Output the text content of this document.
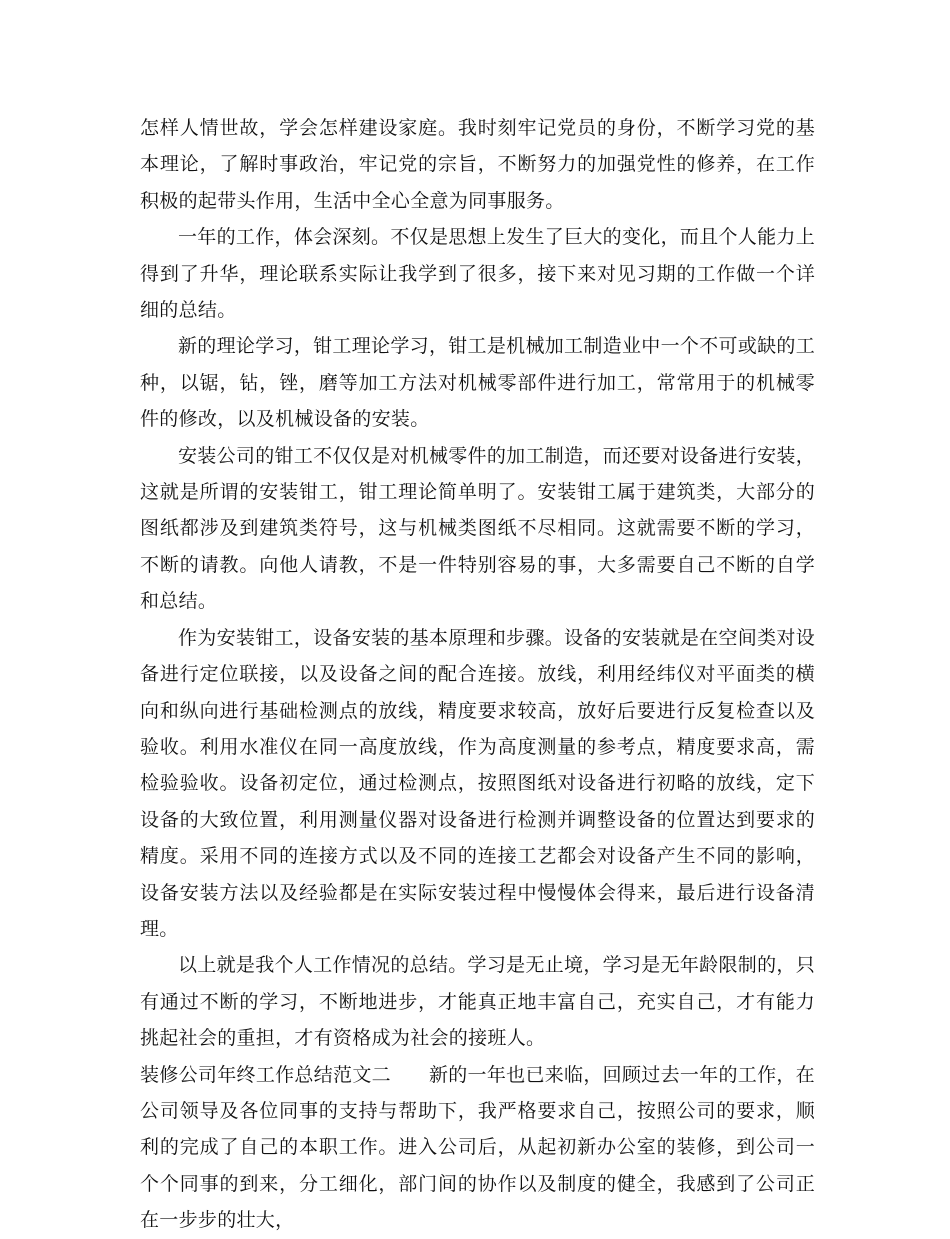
怎样人情世故，学会怎样建设家庭。我时刻牢记党员的身份，不断学习党的基本理论，了解时事政治，牢记党的宗旨，不断努力的加强党性的修养，在工作积极的起带头作用，生活中全心全意为同事服务。

一年的工作，体会深刻。不仅是思想上发生了巨大的变化，而且个人能力上得到了升华，理论联系实际让我学到了很多，接下来对见习期的工作做一个详细的总结。

新的理论学习，钳工理论学习，钳工是机械加工制造业中一个不可或缺的工种，以锯，钻，锉，磨等加工方法对机械零部件进行加工，常常用于的机械零件的修改，以及机械设备的安装。

安装公司的钳工不仅仅是对机械零件的加工制造，而还要对设备进行安装，这就是所谓的安装钳工，钳工理论简单明了。安装钳工属于建筑类，大部分的图纸都涉及到建筑类符号，这与机械类图纸不尽相同。这就需要不断的学习，不断的请教。向他人请教，不是一件特别容易的事，大多需要自己不断的自学和总结。

作为安装钳工，设备安装的基本原理和步骤。设备的安装就是在空间类对设备进行定位联接，以及设备之间的配合连接。放线，利用经纬仪对平面类的横向和纵向进行基础检测点的放线，精度要求较高，放好后要进行反复检查以及验收。利用水准仪在同一高度放线，作为高度测量的参考点，精度要求高，需检验验收。设备初定位，通过检测点，按照图纸对设备进行初略的放线，定下设备的大致位置，利用测量仪器对设备进行检测并调整设备的位置达到要求的精度。采用不同的连接方式以及不同的连接工艺都会对设备产生不同的影响，设备安装方法以及经验都是在实际安装过程中慢慢体会得来，最后进行设备清理。

以上就是我个人工作情况的总结。学习是无止境，学习是无年龄限制的，只有通过不断的学习，不断地进步，才能真正地丰富自己，充实自己，才有能力挑起社会的重担，才有资格成为社会的接班人。

装修公司年终工作总结范文二 新的一年也已来临，回顾过去一年的工作，在公司领导及各位同事的支持与帮助下，我严格要求自己，按照公司的要求，顺利的完成了自己的本职工作。进入公司后，从起初新办公室的装修，到公司一个个同事的到来，分工细化，部门间的协作以及制度的健全，我感到了公司正在一步步的壮大，
